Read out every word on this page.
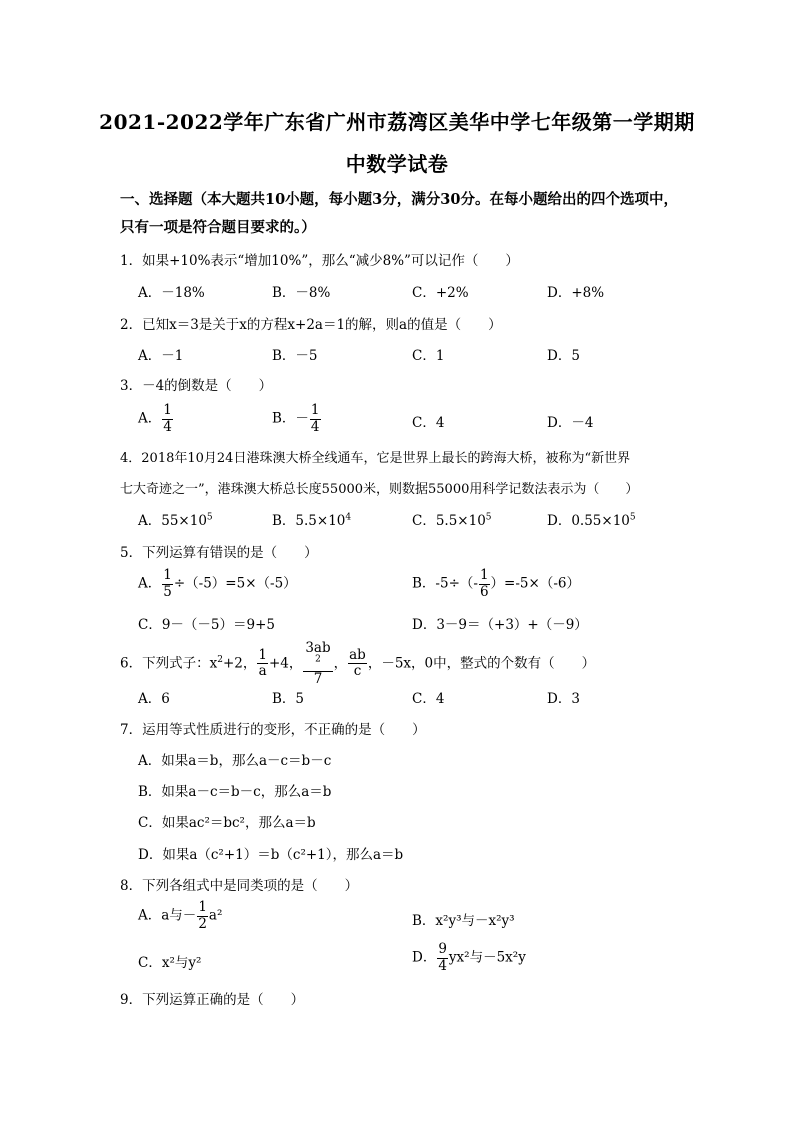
2021-2022学年广东省广州市荔湾区美华中学七年级第一学期期
中数学试卷
一、选择题（本大题共10小题，每小题3分，满分30分。在每小题给出的四个选项中，
只有一项是符合题目要求的。）
1．如果+10%表示“增加10%”，那么“减少8%”可以记作（　　）
A．－18%	B．－8%	C．+2%	D．+8%
2．已知x＝3是关于x的方程x+2a＝1的解，则a的值是（　　）
A．－1	B．－5	C．1	D．5
3．－4的倒数是（　　）
A． $\frac{1}{4}$	B．－ $\frac{1}{4}$	C．4	D．－4
4．2018年10月24日港珠澳大桥全线通车，它是世界上最长的跨海大桥，被称为“新世界
七大奇迹之一”，港珠澳大桥总长度55000米，则数据55000用科学记数法表示为（　　）
A．$55\times 10^5$	B．$5.5\times 10^4$	C．$5.5\times 10^5$	D．$0.55\times 10^5$
5．下列运算有错误的是（　　）
A． $\frac{1}{5} \div(-5)=5\times(-5)$	B．$-5\div(- \frac{1}{6} )=-5\times(-6)$
C．9－（－5）＝9+5	D．3－9＝（+3）+（－9）
6．下列式子：$x^2+2$， $\frac{1}{a} +4$， 3ab
$^2$
7 ， $\frac{ab}{c}$ ，－5x，0中，整式的个数有（　　）
A．6	B．5	C．4	D．3
7．运用等式性质进行的变形，不正确的是（　　）
A．如果a＝b，那么a－c＝b－c
B．如果a－c＝b－c，那么a＝b
C．如果ac²＝bc²，那么a＝b
D．如果a（c²+1）＝b（c²+1），那么a＝b
8．下列各组式中是同类项的是（　　）
A．a与－ $\frac{1}{2} a^2$	B．x²y³与－x²y³
C．x²与y²	D． $\frac{9}{4} yx^2$与－5x²y
9．下列运算正确的是（　　）
